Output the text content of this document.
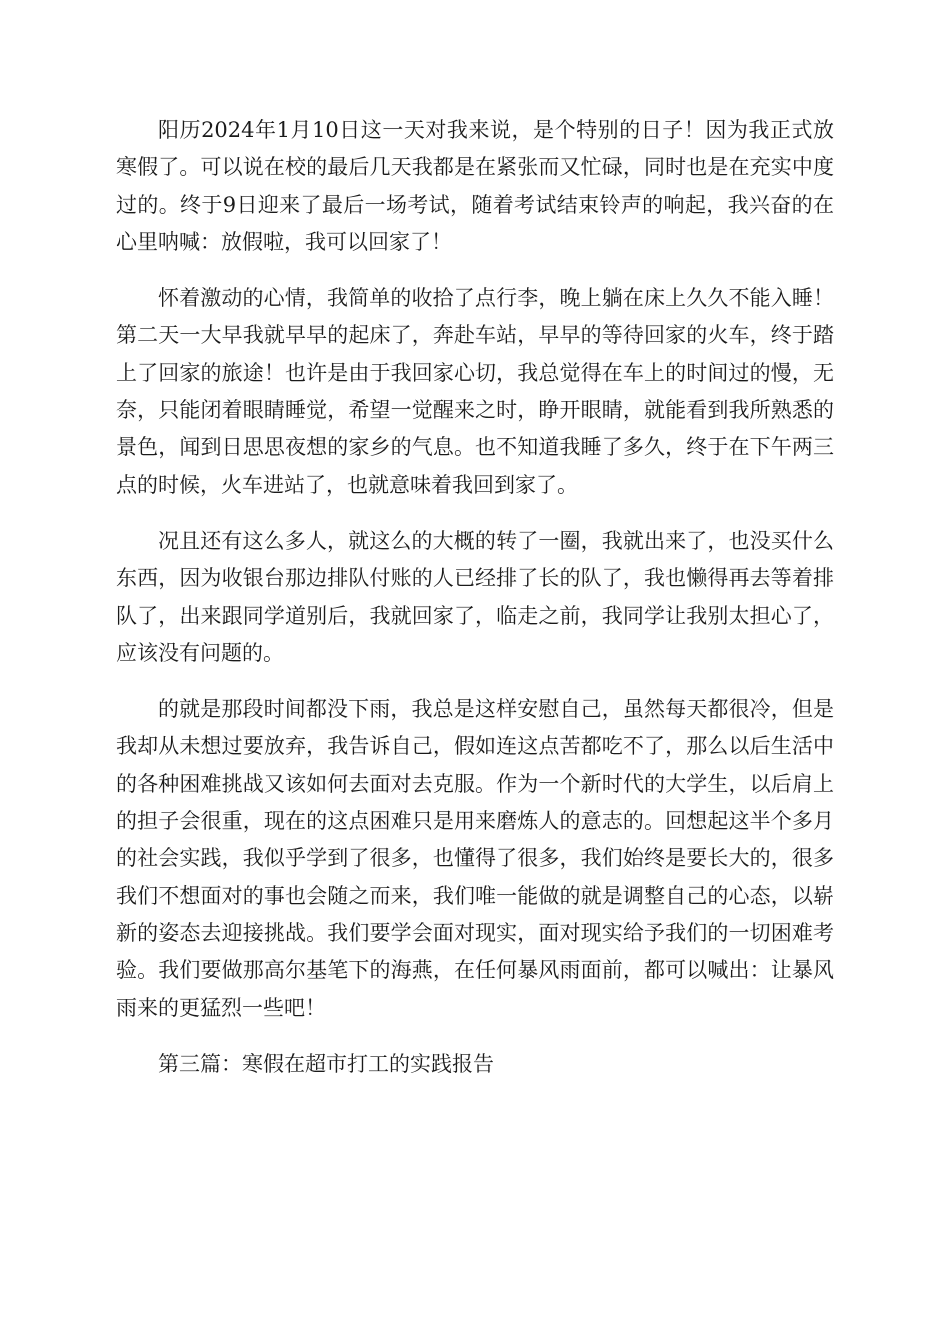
阳历2024年1月10日这一天对我来说，是个特别的日子！因为我正式放寒假了。可以说在校的最后几天我都是在紧张而又忙碌，同时也是在充实中度过的。终于9日迎来了最后一场考试，随着考试结束铃声的响起，我兴奋的在心里呐喊：放假啦，我可以回家了！

怀着激动的心情，我简单的收拾了点行李，晚上躺在床上久久不能入睡！第二天一大早我就早早的起床了，奔赴车站，早早的等待回家的火车，终于踏上了回家的旅途！也许是由于我回家心切，我总觉得在车上的时间过的慢，无奈，只能闭着眼睛睡觉，希望一觉醒来之时，睁开眼睛，就能看到我所熟悉的景色，闻到日思思夜想的家乡的气息。也不知道我睡了多久，终于在下午两三点的时候，火车进站了，也就意味着我回到家了。

况且还有这么多人，就这么的大概的转了一圈，我就出来了，也没买什么东西，因为收银台那边排队付账的人已经排了长的队了，我也懒得再去等着排队了，出来跟同学道别后，我就回家了，临走之前，我同学让我别太担心了，应该没有问题的。

的就是那段时间都没下雨，我总是这样安慰自己，虽然每天都很冷，但是我却从未想过要放弃，我告诉自己，假如连这点苦都吃不了，那么以后生活中的各种困难挑战又该如何去面对去克服。作为一个新时代的大学生，以后肩上的担子会很重，现在的这点困难只是用来磨炼人的意志的。回想起这半个多月的社会实践，我似乎学到了很多，也懂得了很多，我们始终是要长大的，很多我们不想面对的事也会随之而来，我们唯一能做的就是调整自己的心态，以崭新的姿态去迎接挑战。我们要学会面对现实，面对现实给予我们的一切困难考验。我们要做那高尔基笔下的海燕，在任何暴风雨面前，都可以喊出：让暴风雨来的更猛烈一些吧！

第三篇：寒假在超市打工的实践报告
